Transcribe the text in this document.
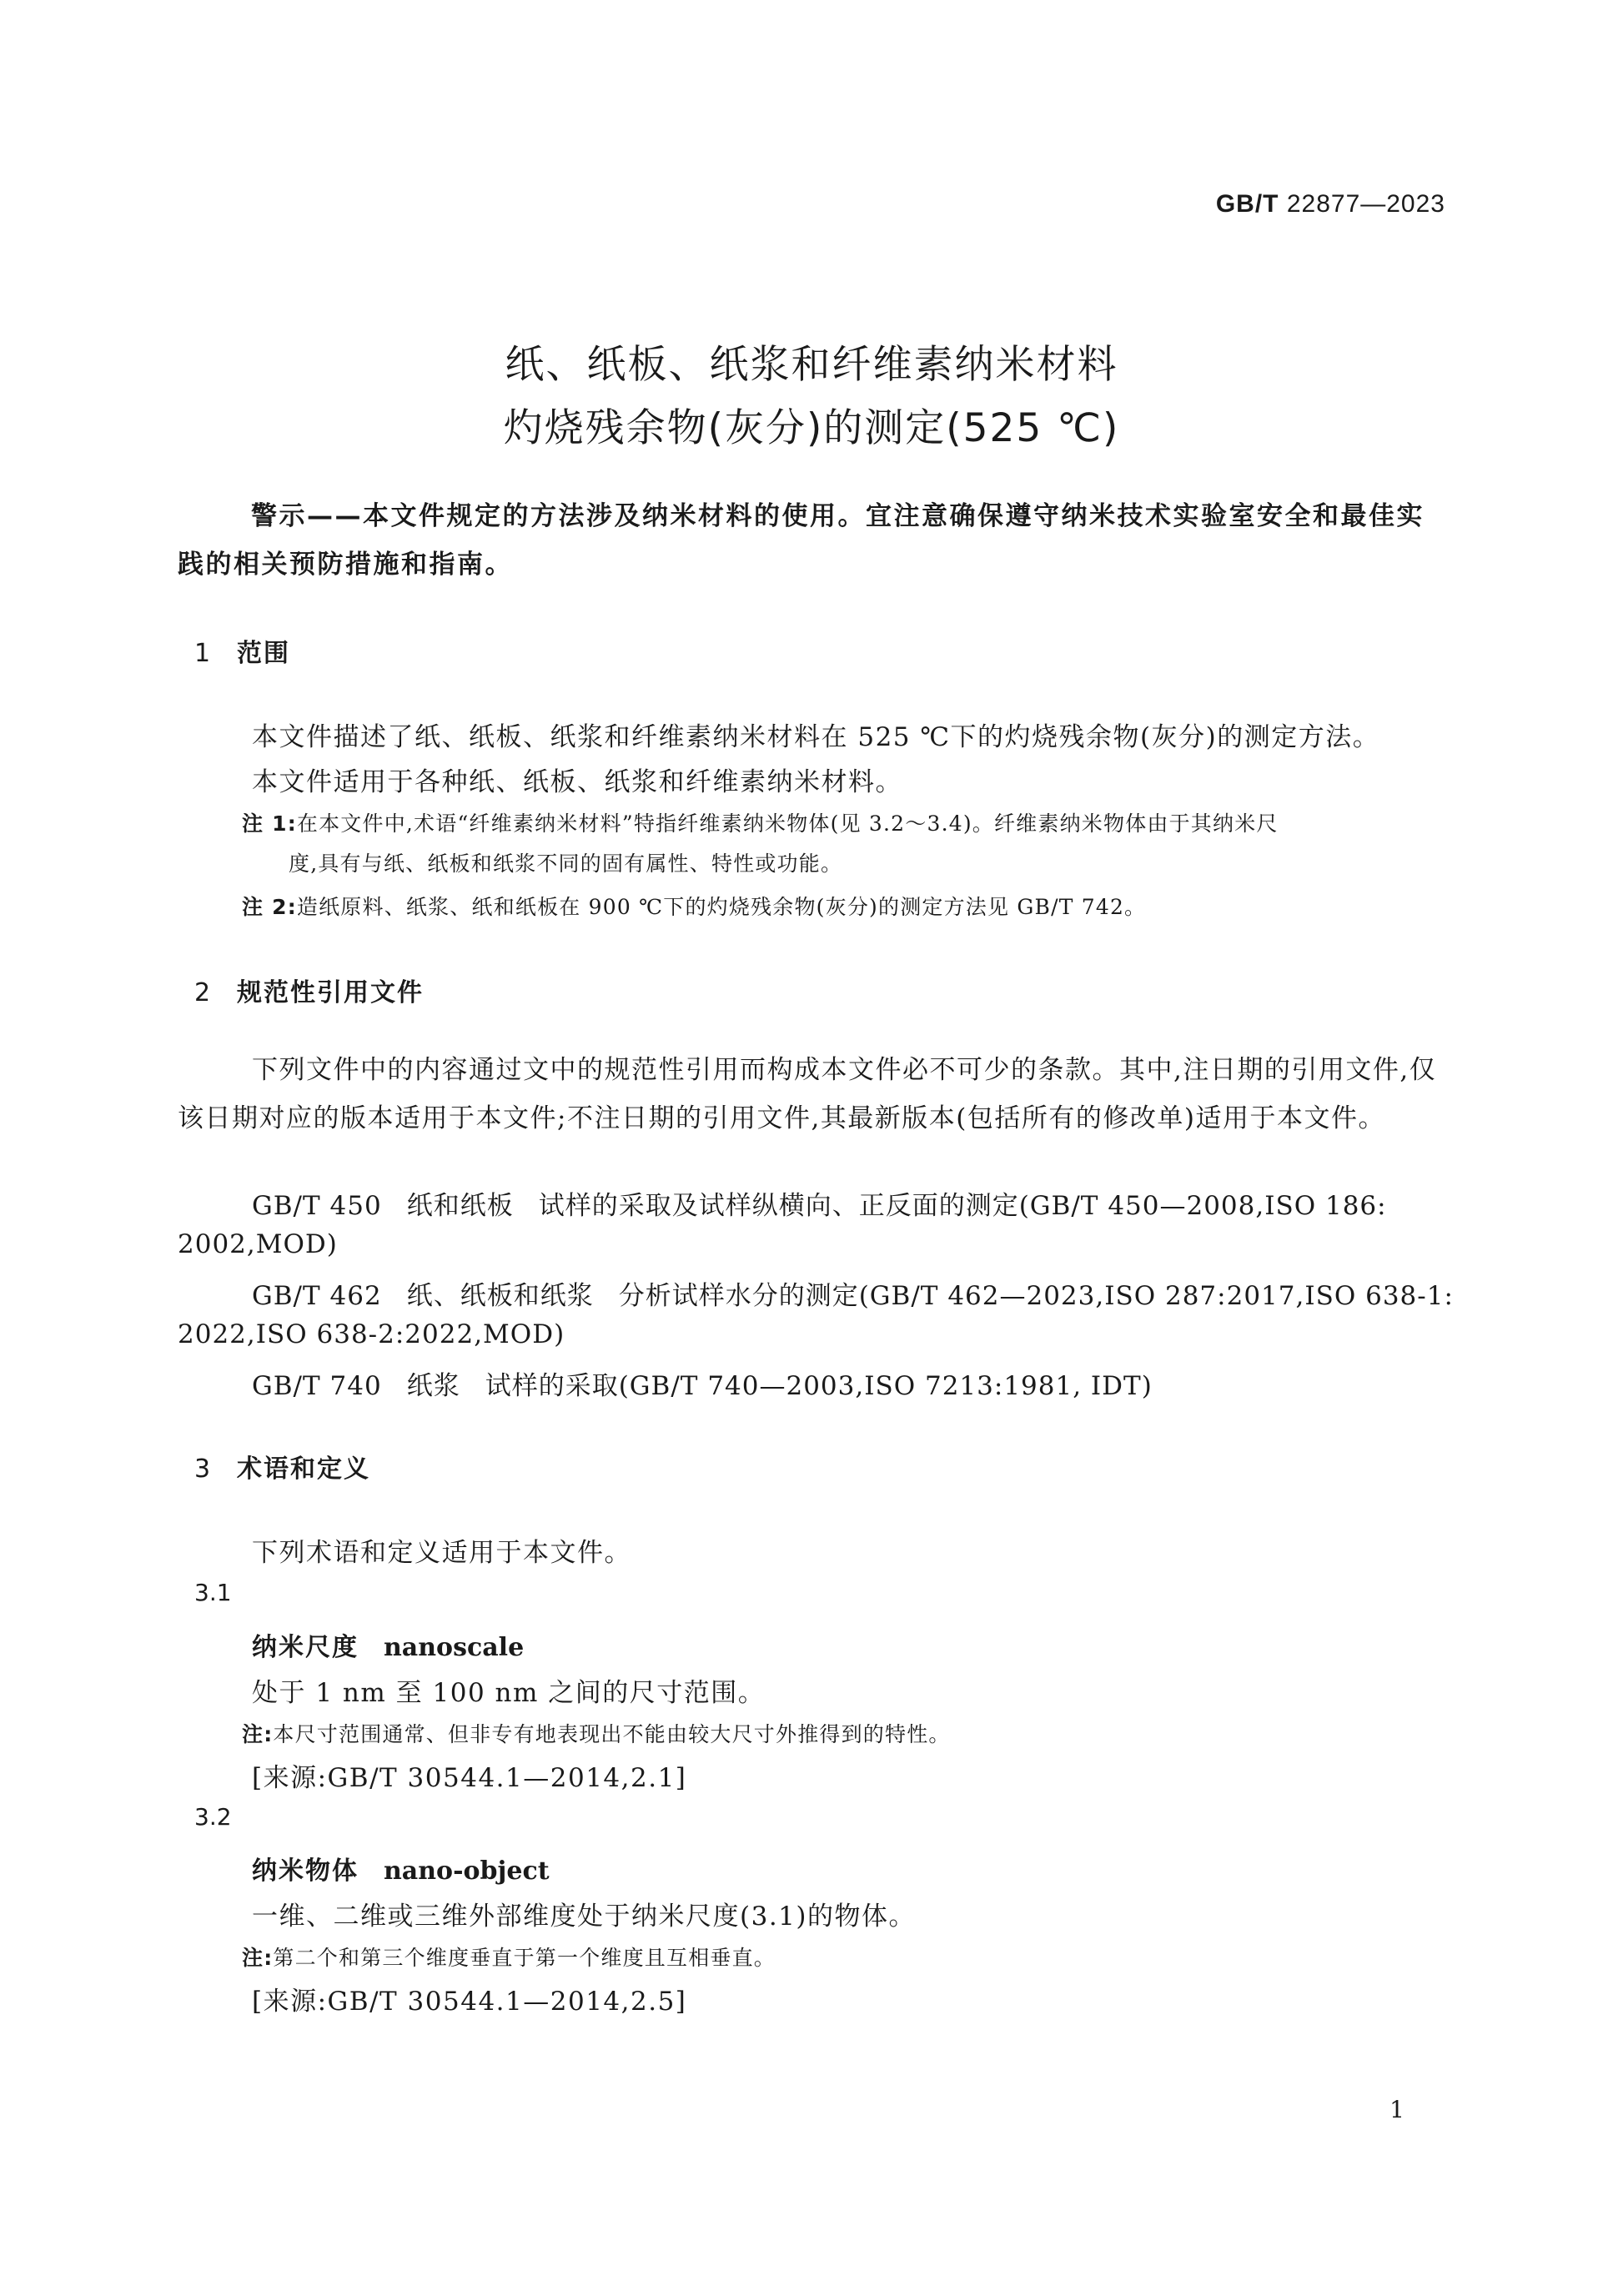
GB/T 22877—2023
纸、纸板、纸浆和纤维素纳米材料
灼烧残余物(灰分)的测定(525 ℃)
警示——本文件规定的方法涉及纳米材料的使用。宜注意确保遵守纳米技术实验室安全和最佳实践的相关预防措施和指南。
1 范围
本文件描述了纸、纸板、纸浆和纤维素纳米材料在 525 ℃下的灼烧残余物(灰分)的测定方法。
本文件适用于各种纸、纸板、纸浆和纤维素纳米材料。
注 1:在本文件中,术语“纤维素纳米材料”特指纤维素纳米物体(见 3.2～3.4)。纤维素纳米物体由于其纳米尺
度,具有与纸、纸板和纸浆不同的固有属性、特性或功能。
注 2:造纸原料、纸浆、纸和纸板在 900 ℃下的灼烧残余物(灰分)的测定方法见 GB/T 742。
2 规范性引用文件
下列文件中的内容通过文中的规范性引用而构成本文件必不可少的条款。其中,注日期的引用文件,仅该日期对应的版本适用于本文件;不注日期的引用文件,其最新版本(包括所有的修改单)适用于本文件。
GB/T 450 纸和纸板 试样的采取及试样纵横向、正反面的测定(GB/T 450—2008,ISO 186:
2002,MOD)
GB/T 462 纸、纸板和纸浆 分析试样水分的测定(GB/T 462—2023,ISO 287:2017,ISO 638-1:
2022,ISO 638-2:2022,MOD)
GB/T 740 纸浆 试样的采取(GB/T 740—2003,ISO 7213:1981, IDT)
3 术语和定义
下列术语和定义适用于本文件。
3.1
纳米尺度 nanoscale
处于 1 nm 至 100 nm 之间的尺寸范围。
注:本尺寸范围通常、但非专有地表现出不能由较大尺寸外推得到的特性。
[来源:GB/T 30544.1—2014,2.1]
3.2
纳米物体 nano-object
一维、二维或三维外部维度处于纳米尺度(3.1)的物体。
注:第二个和第三个维度垂直于第一个维度且互相垂直。
[来源:GB/T 30544.1—2014,2.5]
1
